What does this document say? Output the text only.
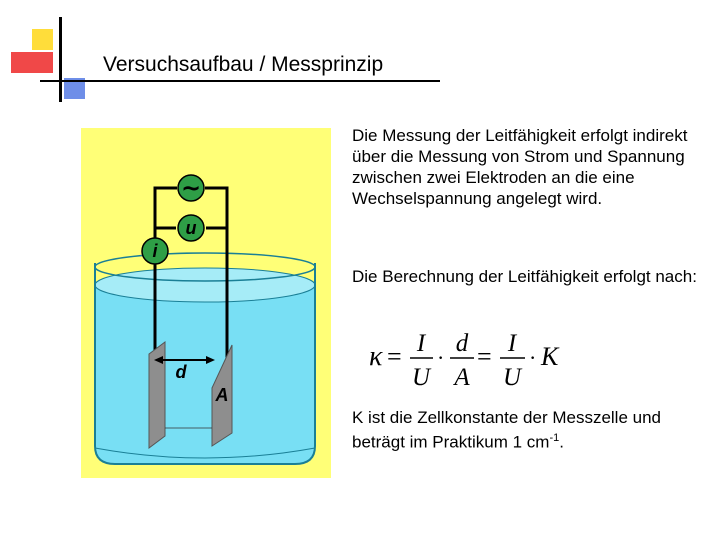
Versuchsaufbau / Messprinzip
~
u
i
d
A
Die Messung der Leitfähigkeit erfolgt indirekt über die Messung von Strom und Spannung zwischen zwei Elektroden an die eine Wechselspannung angelegt wird.
Die Berechnung der Leitfähigkeit erfolgt nach:
κ = I
U
·
d
A
= I
U
· K
K ist die Zellkonstante der Messzelle und beträgt im Praktikum 1 $cm^{-1}$.
